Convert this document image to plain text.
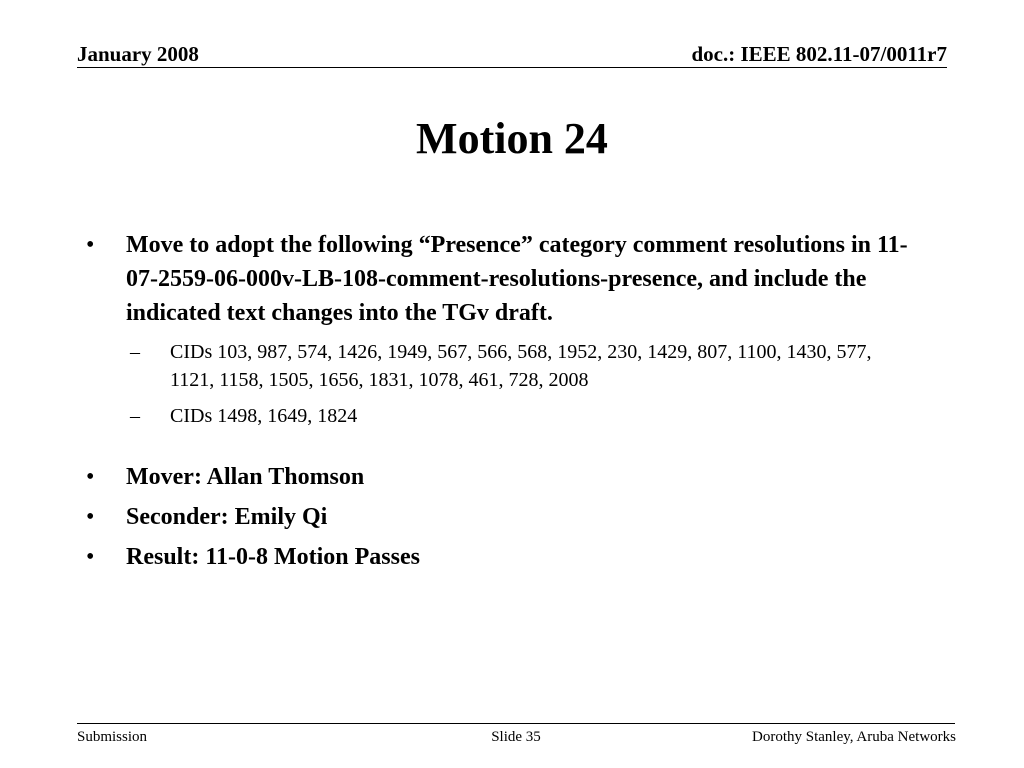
January 2008	doc.: IEEE 802.11-07/0011r7
Motion 24
• Move to adopt the following “Presence” category comment resolutions in 11-07-2559-06-000v-LB-108-comment-resolutions-presence, and include the indicated text changes into the TGv draft.
– CIDs 103, 987, 574, 1426, 1949, 567, 566, 568, 1952, 230, 1429, 807, 1100, 1430, 577, 1121, 1158, 1505, 1656, 1831, 1078, 461, 728, 2008
– CIDs 1498, 1649, 1824
• Mover: Allan Thomson
• Seconder: Emily Qi
• Result: 11-0-8 Motion Passes
Submission	Slide 35	Dorothy Stanley, Aruba Networks
